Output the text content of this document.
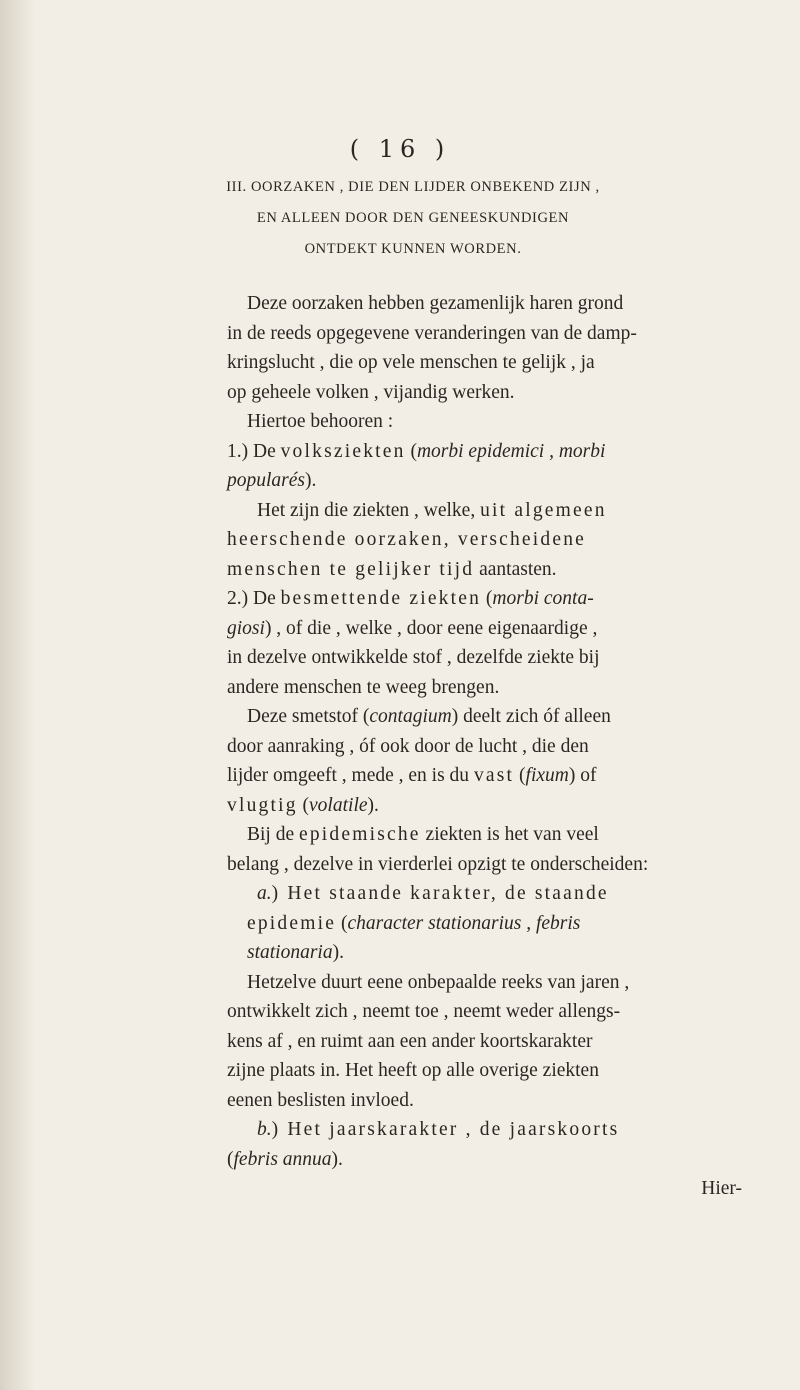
( 16 )
III. OORZAKEN , DIE DEN LIJDER ONBEKEND ZIJN ,
EN ALLEEN DOOR DEN GENEESKUNDIGEN
ONTDEKT KUNNEN WORDEN.
Deze oorzaken hebben gezamenlijk haren grond
in de reeds opgegevene veranderingen van de damp-
kringslucht , die op vele menschen te gelijk , ja
op geheele volken , vijandig werken.
Hiertoe behooren :
1.) De volksziekten (morbi epidemici , morbi
popularés).
Het zijn die ziekten , welke, uit algemeen
heerschende oorzaken, verscheidene
menschen te gelijker tijd aantasten.
2.) De besmettende ziekten (morbi conta-
giosi) , of die , welke , door eene eigenaardige ,
in dezelve ontwikkelde stof , dezelfde ziekte bij
andere menschen te weeg brengen.
Deze smetstof (contagium) deelt zich óf alleen
door aanraking , óf ook door de lucht , die den
lijder omgeeft , mede , en is du vast (fixum) of
vlugtig (volatile).
Bij de epidemische ziekten is het van veel
belang , dezelve in vierderlei opzigt te onderscheiden:
a.) Het staande karakter, de staande
epidemie (character stationarius , febris
stationaria).
Hetzelve duurt eene onbepaalde reeks van jaren ,
ontwikkelt zich , neemt toe , neemt weder allengs-
kens af , en ruimt aan een ander koortskarakter
zijne plaats in. Het heeft op alle overige ziekten
eenen beslisten invloed.
b.) Het jaarskarakter , de jaarskoorts
(febris annua).
Hier-
